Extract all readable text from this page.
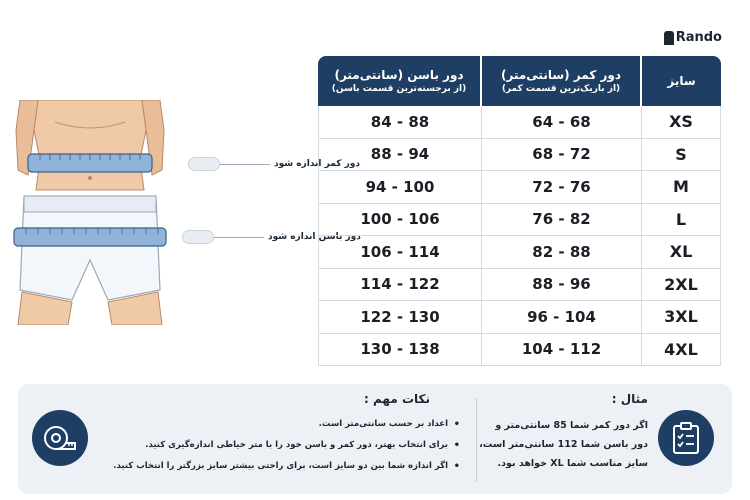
Rando
دور کمر اندازه شود
دور باسن اندازه شود
دور باسن (سانتی‌متر)
(از برجسته‌ترین قسمت باسن)
دور کمر (سانتی‌متر)
(از باریک‌ترین قسمت کمر)
سایز
84 - 88	64 - 68	XS
88 - 94	68 - 72	S
94 - 100	72 - 76	M
100 - 106	76 - 82	L
106 - 114	82 - 88	XL
114 - 122	88 - 96	2XL
122 - 130	96 - 104	3XL
130 - 138	104 - 112	4XL
نکات مهم :
• اعداد بر حسب سانتی‌متر است.
• برای انتخاب بهتر، دور کمر و باسن خود را با متر خیاطی اندازه‌گیری کنید.
• اگر اندازه شما بین دو سایز است، برای راحتی بیشتر سایز بزرگتر را انتخاب کنید.
مثال :
اگر دور کمر شما 85 سانتی‌متر و
دور باسن شما 112 سانتی‌متر است،
سایز مناسب شما XL خواهد بود.
